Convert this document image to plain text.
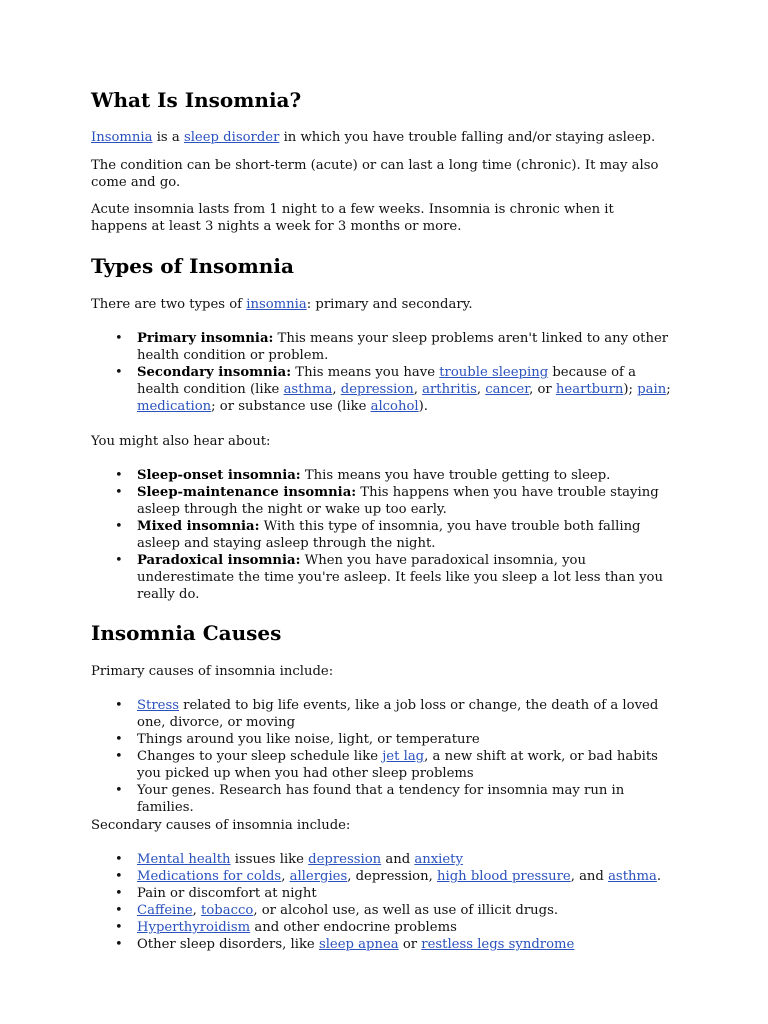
What Is Insomnia?

Insomnia is a sleep disorder in which you have trouble falling and/or staying asleep.

The condition can be short-term (acute) or can last a long time (chronic). It may also come and go.

Acute insomnia lasts from 1 night to a few weeks. Insomnia is chronic when it happens at least 3 nights a week for 3 months or more.

Types of Insomnia

There are two types of insomnia: primary and secondary.

• Primary insomnia: This means your sleep problems aren't linked to any other health condition or problem.
• Secondary insomnia: This means you have trouble sleeping because of a health condition (like asthma, depression, arthritis, cancer, or heartburn); pain; medication; or substance use (like alcohol).

You might also hear about:

• Sleep-onset insomnia: This means you have trouble getting to sleep.
• Sleep-maintenance insomnia: This happens when you have trouble staying asleep through the night or wake up too early.
• Mixed insomnia: With this type of insomnia, you have trouble both falling asleep and staying asleep through the night.
• Paradoxical insomnia: When you have paradoxical insomnia, you underestimate the time you're asleep. It feels like you sleep a lot less than you really do.
Insomnia Causes

Primary causes of insomnia include:

• Stress related to big life events, like a job loss or change, the death of a loved one, divorce, or moving
• Things around you like noise, light, or temperature
• Changes to your sleep schedule like jet lag, a new shift at work, or bad habits you picked up when you had other sleep problems
• Your genes. Research has found that a tendency for insomnia may run in families.

Secondary causes of insomnia include:

• Mental health issues like depression and anxiety
• Medications for colds, allergies, depression, high blood pressure, and asthma.
• Pain or discomfort at night
• Caffeine, tobacco, or alcohol use, as well as use of illicit drugs.
• Hyperthyroidism and other endocrine problems
• Other sleep disorders, like sleep apnea or restless legs syndrome
